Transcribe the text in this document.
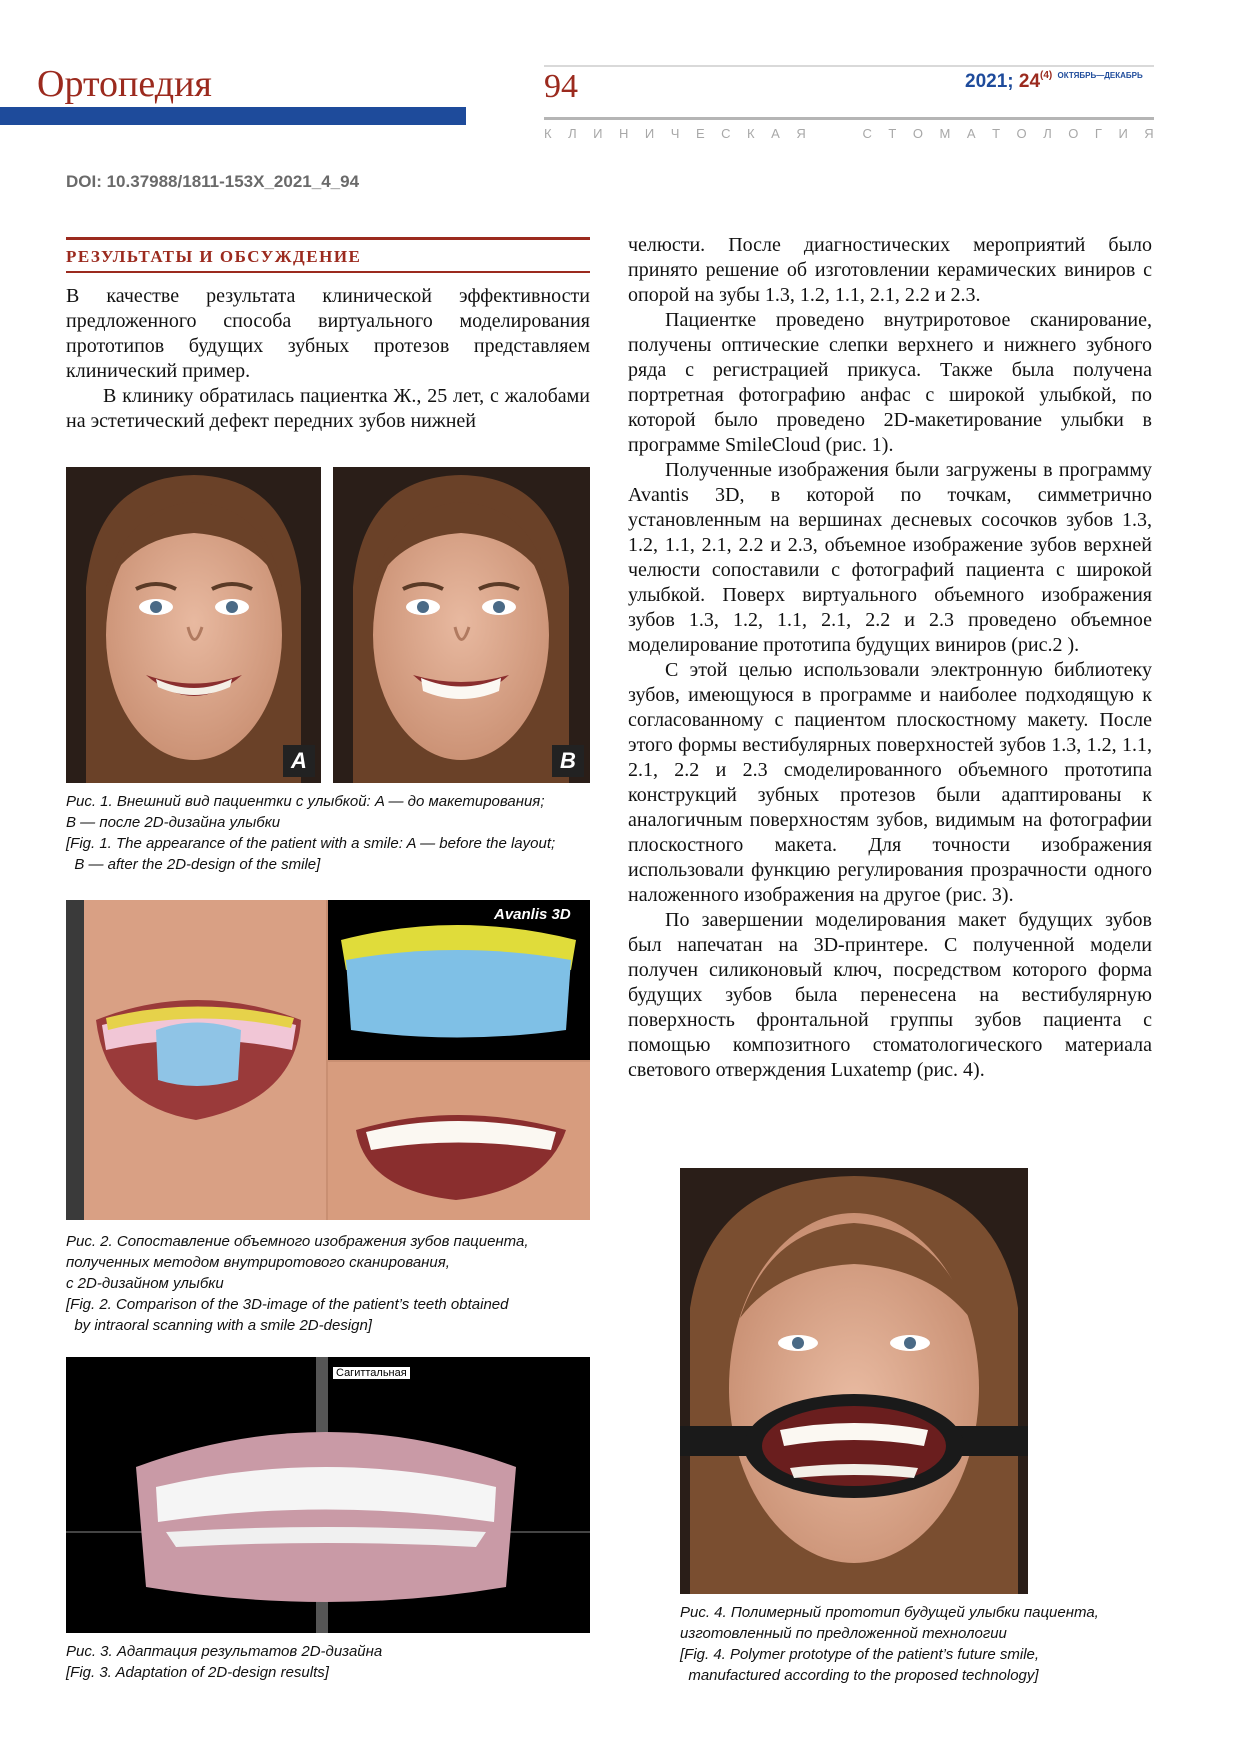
Ортопедия	94	2021; 24$^{(4)}$ $^{ОКТЯБРЬ—ДЕКАБРЬ}$
К Л И Н И Ч Е С К А Я

	С Т О М А Т О Л О Г И Я
DOI: 10.37988/1811-153X_2021_4_94
РЕЗУЛЬТАТЫ И ОБСУЖДЕНИЕ

В качестве результата клинической эффективности предложенного способа виртуального моделирования прототипов будущих зубных протезов представляем клинический пример.

В клинику обратилась пациентка Ж., 25 лет, с жалобами на эстетический дефект передних зубов нижней

челюсти. После диагностических мероприятий было принято решение об изготовлении керамических виниров с опорой на зубы 1.3, 1.2, 1.1, 2.1, 2.2 и 2.3.

Пациентке проведено внутриротовое сканирование, получены оптические слепки верхнего и нижнего зубного ряда с регистрацией прикуса. Также была получена портретная фотографию анфас с широкой улыбкой, по которой было проведено 2D-макетирование улыбки в программе SmileCloud (рис. 1).

Полученные изображения были загружены в программу Avantis 3D, в которой по точкам, симметрично установленным на вершинах десневых сосочков зубов 1.3, 1.2, 1.1, 2.1, 2.2 и 2.3, объемное изображение зубов верхней челюсти сопоставили с фотографий пациента с широкой улыбкой. Поверх виртуального объемного изображения зубов 1.3, 1.2, 1.1, 2.1, 2.2 и 2.3 проведено объемное моделирование прототипа будущих виниров (рис.2 ).

С этой целью использовали электронную библиотеку зубов, имеющуюся в программе и наиболее подходящую к согласованному с пациентом плоскостному макету. После этого формы вестибулярных поверхностей зубов 1.3, 1.2, 1.1, 2.1, 2.2 и 2.3 смоделированного объемного прототипа конструкций зубных протезов были адаптированы к аналогичным поверхностям зубов, видимым на фотографии плоскостного макета. Для точности изображения использовали функцию регулирования прозрачности одного наложенного изображения на другое (рис. 3).

По завершении моделирования макет будущих зубов был напечатан на 3D-принтере. С полученной модели получен силиконовый ключ, посредством которого форма будущих зубов была перенесена на вестибулярную поверхность фронтальной группы зубов пациента с помощью композитного стоматологического материала светового отверждения Luxatemp (рис. 4).

A	B
Рис. 1. Внешний вид пациентки с улыбкой: A — до макетирования;
B — после 2D-дизайна улыбки
[Fig. 1. The appearance of the patient with a smile: A — before the layout;
B — after the 2D-design of the smile]
Avanlis 3D
Рис. 2. Сопоставление объемного изображения зубов пациента,
полученных методом внутриротового сканирования,
с 2D-дизайном улыбки
[Fig. 2. Comparison of the 3D-image of the patient’s teeth obtained
by intraoral scanning with a smile 2D-design]
Сагиттальная
Рис. 3. Адаптация результатов 2D-дизайна
[Fig. 3. Adaptation of 2D-design results]
Рис. 4. Полимерный прототип будущей улыбки пациента,
изготовленный по предложенной технологии
[Fig. 4. Polymer prototype of the patient’s future smile,
manufactured according to the proposed technology]
